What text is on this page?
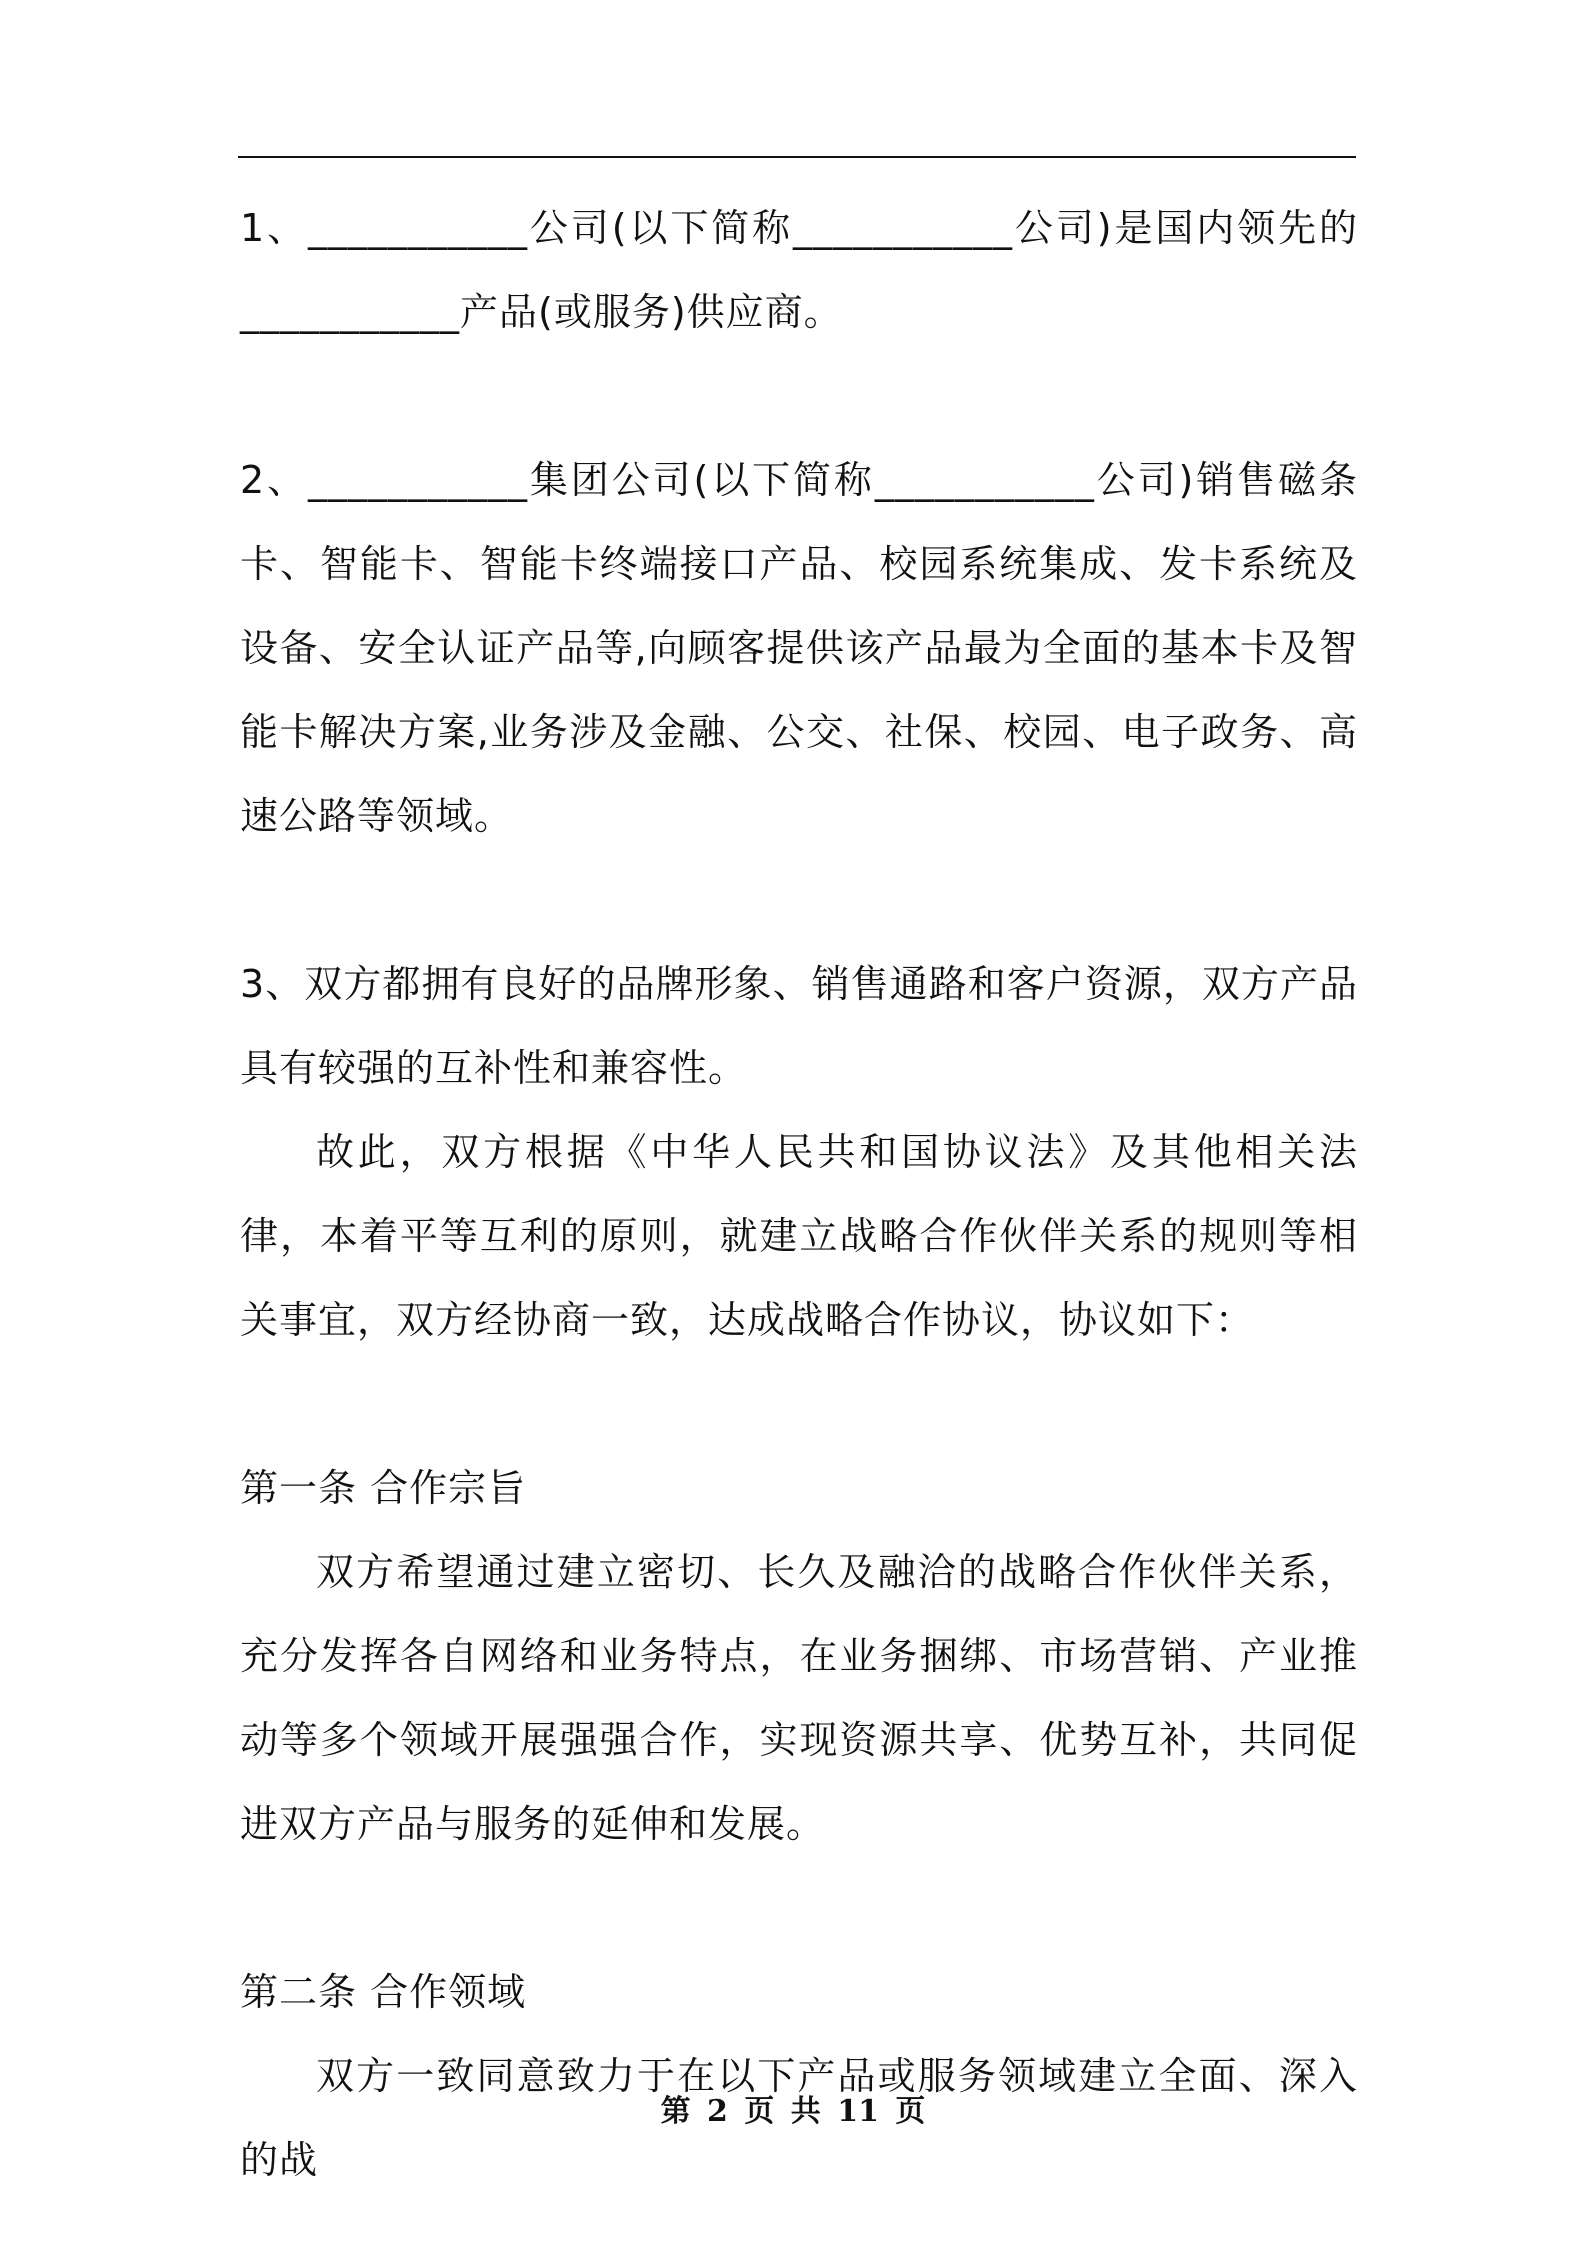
1、___________公司(以下简称___________公司)是国内领先的___________产品(或服务)供应商。

2、___________集团公司(以下简称___________公司)销售磁条卡、智能卡、智能卡终端接口产品、校园系统集成、发卡系统及设备、安全认证产品等,向顾客提供该产品最为全面的基本卡及智能卡解决方案,业务涉及金融、公交、社保、校园、电子政务、高速公路等领域。

3、双方都拥有良好的品牌形象、销售通路和客户资源，双方产品具有较强的互补性和兼容性。

故此，双方根据《中华人民共和国协议法》及其他相关法律，本着平等互利的原则，就建立战略合作伙伴关系的规则等相关事宜，双方经协商一致，达成战略合作协议，协议如下：

第一条 合作宗旨

双方希望通过建立密切、长久及融洽的战略合作伙伴关系，充分发挥各自网络和业务特点，在业务捆绑、市场营销、产业推动等多个领域开展强强合作，实现资源共享、优势互补，共同促进双方产品与服务的延伸和发展。

第二条 合作领域

双方一致同意致力于在以下产品或服务领域建立全面、深入的战

第 2 页 共 11 页
